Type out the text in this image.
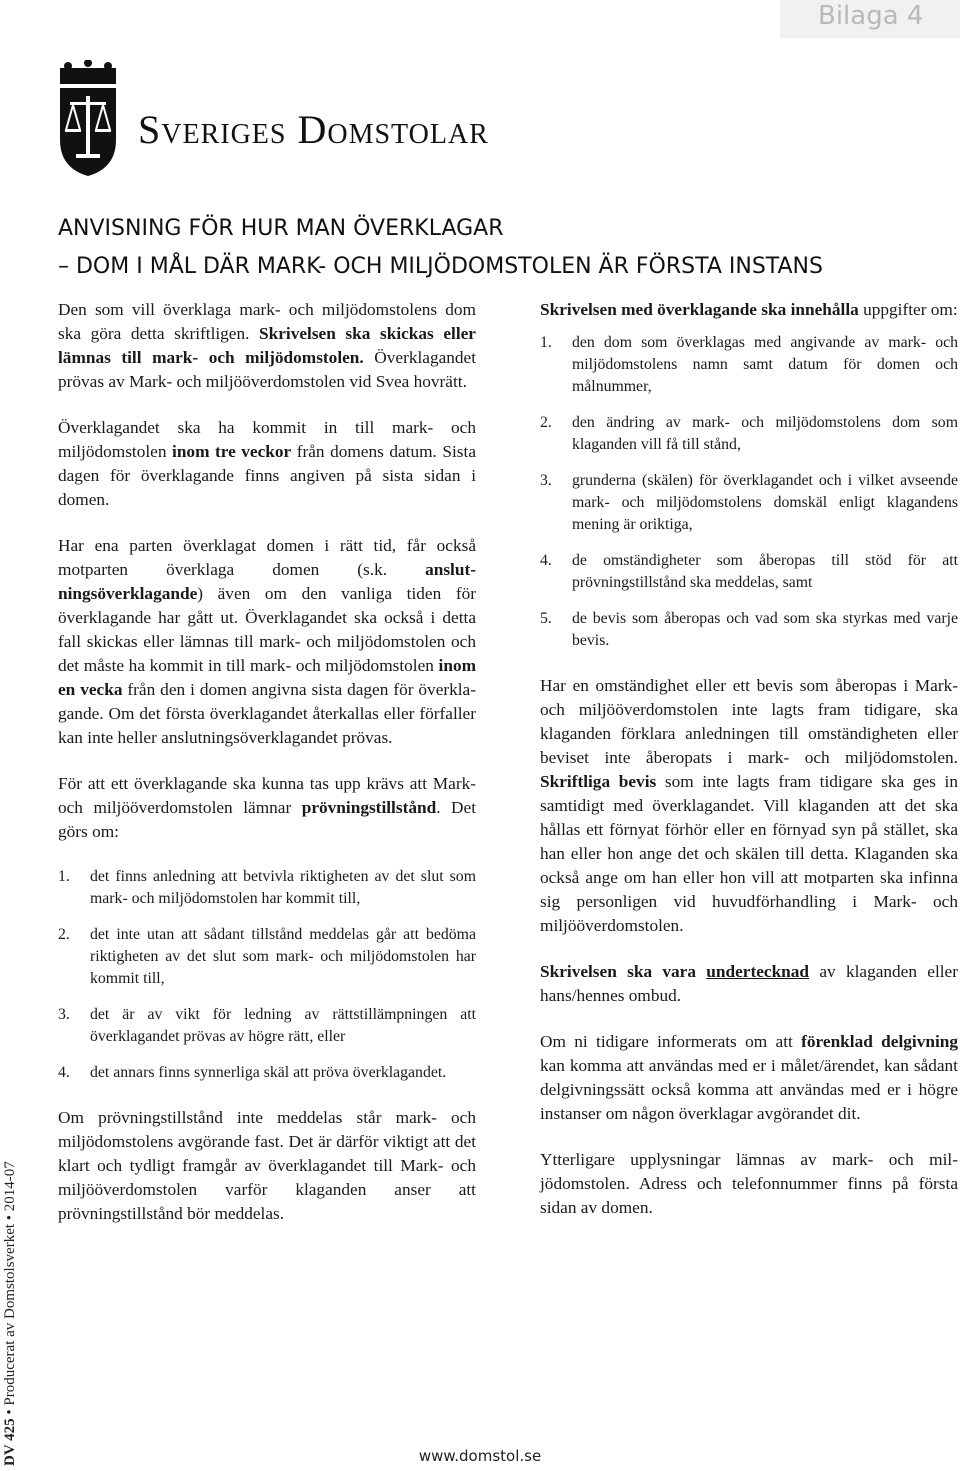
Bilaga 4
Sveriges Domstolar
ANVISNING FÖR HUR MAN ÖVERKLAGAR
– DOM I MÅL DÄR MARK- OCH MILJÖDOMSTOLEN ÄR FÖRSTA INSTANS

Den som vill överklaga mark- och miljödomstolens dom ska göra detta skriftligen. Skrivelsen ska skickas eller lämnas till mark- och miljödomstolen. Överklagandet prövas av Mark- och miljööverdomstolen vid Svea hovrätt.

Överklagandet ska ha kommit in till mark- och miljödomstolen inom tre veckor från domens datum. Sista dagen för överklagande finns angiven på sista sidan i domen.

Har ena parten överklagat domen i rätt tid, får också motparten överklaga domen (s.k. anslutningsöverklagande) även om den vanliga tiden för överklagande har gått ut. Överklagandet ska också i detta fall skickas eller lämnas till mark- och miljödomstolen och det måste ha kommit in till mark- och miljödomstolen inom en vecka från den i domen angivna sista dagen för överklagande. Om det första överklagandet återkallas eller förfaller kan inte heller anslutningsöverklagandet prövas.

För att ett överklagande ska kunna tas upp krävs att Mark- och miljööverdomstolen lämnar prövningstillstånd. Det görs om:

1. det finns anledning att betvivla riktigheten av det slut som mark- och miljödomstolen har kommit till,
2. det inte utan att sådant tillstånd meddelas går att bedöma riktigheten av det slut som mark- och miljödomstolen har kommit till,
3. det är av vikt för ledning av rättstillämpningen att överklagandet prövas av högre rätt, eller
4. det annars finns synnerliga skäl att pröva överklagandet.

Om prövningstillstånd inte meddelas står mark- och miljödomstolens avgörande fast. Det är därför viktigt att det klart och tydligt framgår av överklagandet till Mark- och miljööverdomstolen varför klaganden anser att prövningstillstånd bör meddelas.

Skrivelsen med överklagande ska innehålla uppgifter om:

1. den dom som överklagas med angivande av mark- och miljödomstolens namn samt datum för domen och målnummer,
2. den ändring av mark- och miljödomstolens dom som klaganden vill få till stånd,
3. grunderna (skälen) för överklagandet och i vilket avseende mark- och miljödomstolens domskäl enligt klagandens mening är oriktiga,
4. de omständigheter som åberopas till stöd för att prövningstillstånd ska meddelas, samt
5. de bevis som åberopas och vad som ska styrkas med varje bevis.

Har en omständighet eller ett bevis som åberopas i Mark- och miljööverdomstolen inte lagts fram tidigare, ska klaganden förklara anledningen till omständigheten eller beviset inte åberopats i mark- och miljödomstolen. Skriftliga bevis som inte lagts fram tidigare ska ges in samtidigt med överklagandet. Vill klaganden att det ska hållas ett förnyat förhör eller en förnyad syn på stället, ska han eller hon ange det och skälen till detta. Klaganden ska också ange om han eller hon vill att motparten ska infinna sig personligen vid huvudförhandling i Mark- och miljööverdomstolen.

Skrivelsen ska vara undertecknad av klaganden eller hans/hennes ombud.

Om ni tidigare informerats om att förenklad delgivning kan komma att användas med er i målet/ärendet, kan sådant delgivningssätt också komma att användas med er i högre instanser om någon överklagar avgörandet dit.

Ytterligare upplysningar lämnas av mark- och miljödomstolen. Adress och telefonnummer finns på första sidan av domen.

DV 425 • Producerat av Domstolsverket • 2014-07
www.domstol.se
